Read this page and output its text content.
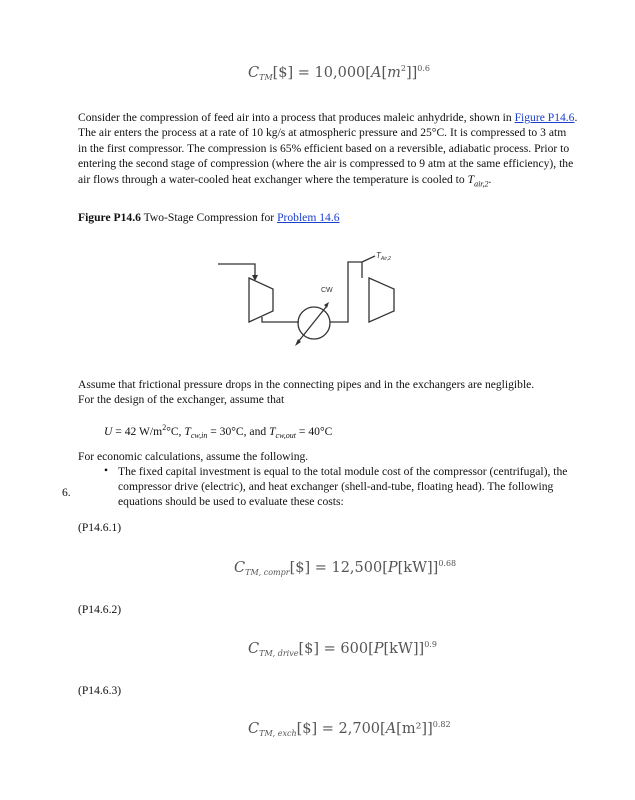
$C_{TM}[\$] = 10,000[A[m^2]]^{0.6}$
Consider the compression of feed air into a process that produces maleic anhydride, shown in Figure P14.6. The air enters the process at a rate of 10 kg/s at atmospheric pressure and 25°C. It is compressed to 3 atm in the first compressor. The compression is 65% efficient based on a reversible, adiabatic process. Prior to entering the second stage of compression (where the air is compressed to 9 atm at the same efficiency), the air flows through a water-cooled heat exchanger where the temperature is cooled to $T_{air,2}$.
Figure P14.6 Two-Stage Compression for Problem 14.6
CW
$T_{Air,2}$
Assume that frictional pressure drops in the connecting pipes and in the exchangers are negligible.
For the design of the exchanger, assume that
U = 42 $W/m^2^\circ C$, $T_{cw,in} = 30^\circ C$, and $T_{cw,out} = 40^\circ C$
For economic calculations, assume the following.
• The fixed capital investment is equal to the total module cost of the compressor (centrifugal), the compressor drive (electric), and heat exchanger (shell-and-tube, floating head). The following equations should be used to evaluate these costs:
6.
(P14.6.1)
$C_{TM, compr}[\$] = 12,500[P[kW]]^{0.68}$
(P14.6.2)
$C_{TM, drive}[\$] = 600[P[kW]]^{0.9}$
(P14.6.3)
$C_{TM, exch}[\$] = 2,700[A[m^2]]^{0.82}$
